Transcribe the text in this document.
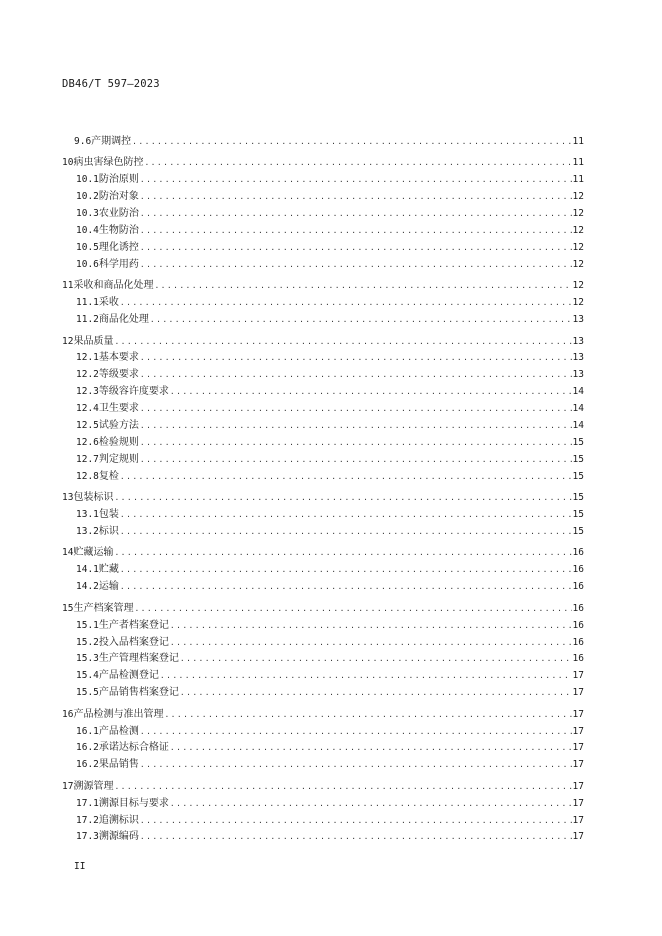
DB46/T 597—2023
9.6 产期调控 .....	11
10 病虫害绿色防控 .....	11
10.1 防治原则 .....	11
10.2 防治对象 .....	12
10.3 农业防治 .....	12
10.4 生物防治 .....	12
10.5 理化诱控 .....	12
10.6 科学用药 .....	12
11 采收和商品化处理 .....	12
11.1 采收 .....	12
11.2 商品化处理 .....	13
12 果品质量 .....	13
12.1 基本要求 .....	13
12.2 等级要求 .....	13
12.3 等级容许度要求 .....	14
12.4 卫生要求 .....	14
12.5 试验方法 .....	14
12.6 检验规则 .....	15
12.7 判定规则 .....	15
12.8 复检 .....	15
13 包装标识 .....	15
13.1 包装 .....	15
13.2 标识 .....	15
14 贮藏运输 .....	16
14.1 贮藏 .....	16
14.2 运输 .....	16
15 生产档案管理 .....	16
15.1 生产者档案登记 .....	16
15.2 投入品档案登记 .....	16
15.3 生产管理档案登记 .....	16
15.4 产品检测登记 .....	17
15.5 产品销售档案登记 .....	17
16 产品检测与准出管理 .....	17
16.1 产品检测 .....	17
16.2 承诺达标合格证 .....	17
16.2 果品销售 .....	17
17 溯源管理 .....	17
17.1 溯源目标与要求 .....	17
17.2 追溯标识 .....	17
17.3 溯源编码 .....	17
II
